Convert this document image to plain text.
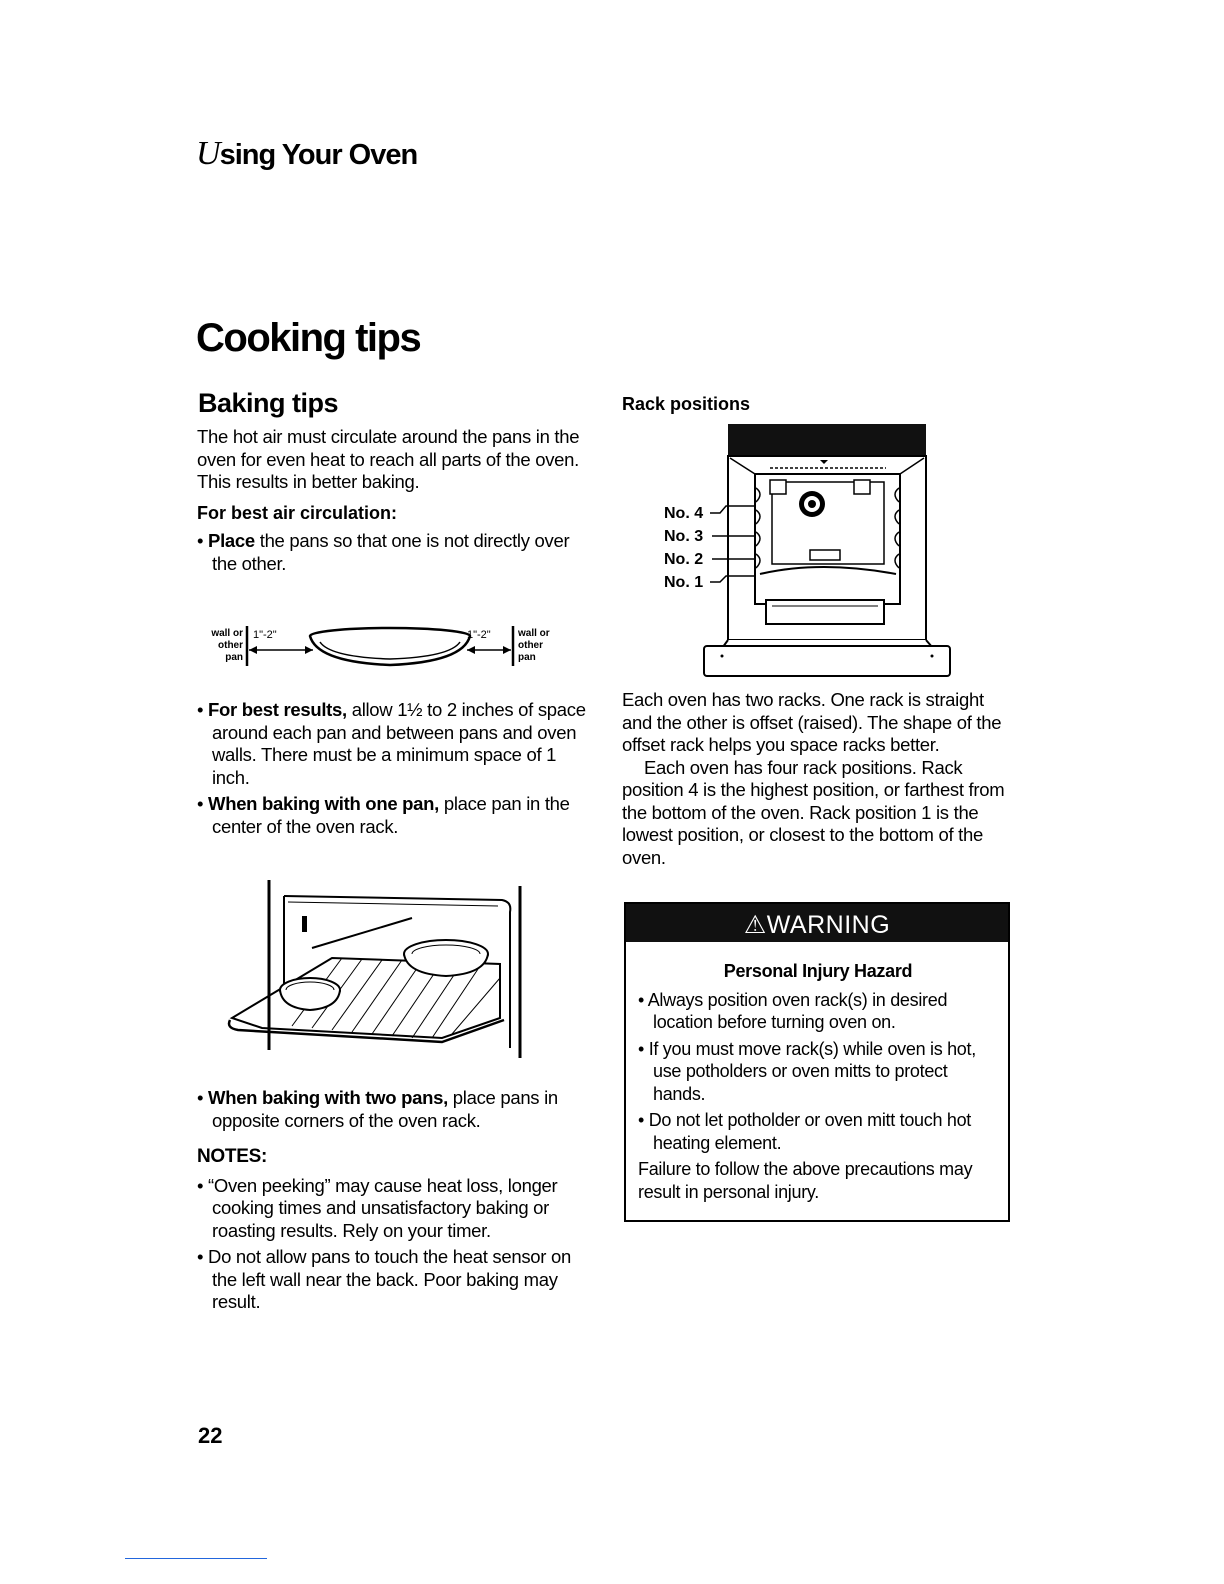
Using Your Oven
Cooking tips
Baking tips

The hot air must circulate around the pans in the oven for even heat to reach all parts of the oven. This results in better baking.

For best air circulation:

• Place the pans so that one is not directly over the other.

wall or
other
pan
1"-2"	1"-2"	wall or
other
pan

• For best results, allow 1½ to 2 inches of space around each pan and between pans and oven walls. There must be a minimum space of 1 inch.

• When baking with one pan, place pan in the center of the oven rack.

• When baking with two pans, place pans in opposite corners of the oven rack.

NOTES:

• “Oven peeking” may cause heat loss, longer cooking times and unsatisfactory baking or roasting results. Rely on your timer.

• Do not allow pans to touch the heat sensor on the left wall near the back. Poor baking may result.

Rack positions
No. 4
No. 3
No. 2
No. 1

Each oven has two racks. One rack is straight and the other is offset (raised). The shape of the offset rack helps you space racks better.

Each oven has four rack positions. Rack position 4 is the highest position, or farthest from the bottom of the oven. Rack position 1 is the lowest position, or closest to the bottom of the oven.

⚠WARNING

Personal Injury Hazard

• Always position oven rack(s) in desired location before turning oven on.

• If you must move rack(s) while oven is hot, use potholders or oven mitts to protect hands.

• Do not let potholder or oven mitt touch hot heating element.

Failure to follow the above precautions may result in personal injury.

22
